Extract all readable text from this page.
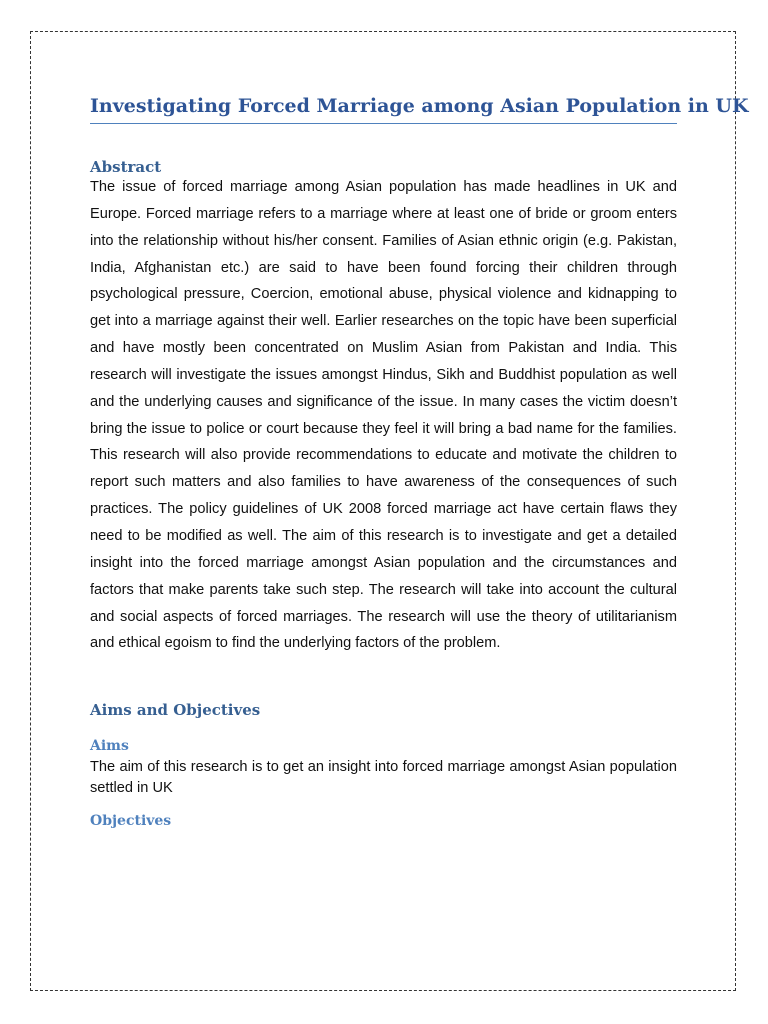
Investigating Forced Marriage among Asian Population in UK
Abstract

The issue of forced marriage among Asian population has made headlines in UK and Europe. Forced marriage refers to a marriage where at least one of bride or groom enters into the relationship without his/her consent. Families of Asian ethnic origin (e.g. Pakistan, India, Afghanistan etc.) are said to have been found forcing their children through psychological pressure, Coercion, emotional abuse, physical violence and kidnapping to get into a marriage against their well. Earlier researches on the topic have been superficial and have mostly been concentrated on Muslim Asian from Pakistan and India. This research will investigate the issues amongst Hindus, Sikh and Buddhist population as well and the underlying causes and significance of the issue. In many cases the victim doesn’t bring the issue to police or court because they feel it will bring a bad name for the families. This research will also provide recommendations to educate and motivate the children to report such matters and also families to have awareness of the consequences of such practices. The policy guidelines of UK 2008 forced marriage act have certain flaws they need to be modified as well. The aim of this research is to investigate and get a detailed insight into the forced marriage amongst Asian population and the circumstances and factors that make parents take such step. The research will take into account the cultural and social aspects of forced marriages. The research will use the theory of utilitarianism and ethical egoism to find the underlying factors of the problem.

Aims and Objectives
Aims

The aim of this research is to get an insight into forced marriage amongst Asian population settled in UK

Objectives
